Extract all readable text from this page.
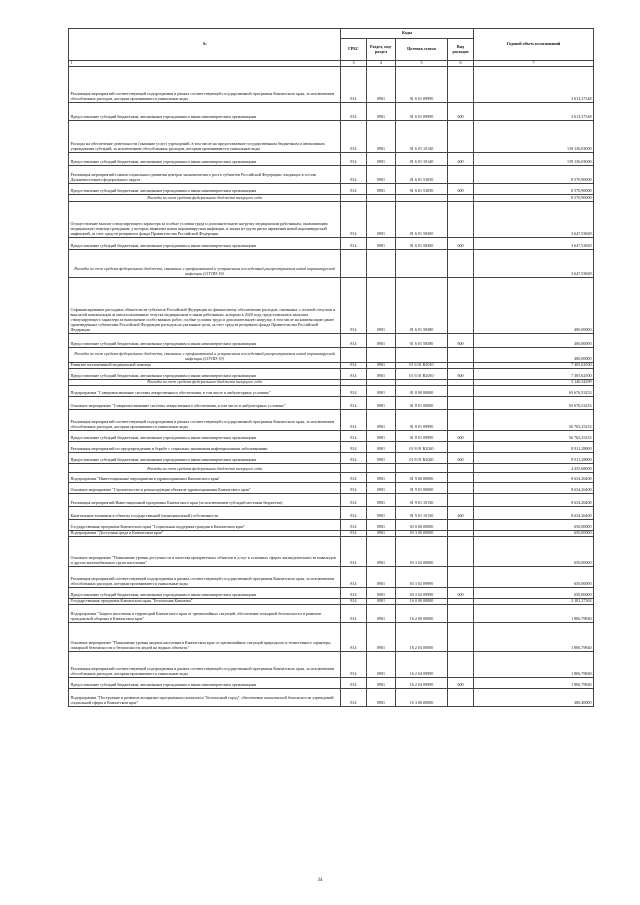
№	Коды				Годовой объем ассигнований
	ГРБС	Раздел, под-раздел	Целевая статья	Вид расходов	
1	3	4	5	6	7
Реализация мероприятий соответствующей подпрограммы в рамках соответствующей государственной программы Камчатского края, за исключением обособленных расходов, которым присваиваются уникальные коды	814	0901	01 6 01 09990		3 613,37348
Предоставление субсидий бюджетным, автономным учреждениям и иным некоммерческим организациям	814	0901	01 6 01 09990	600	3 613,37348
Расходы на обеспечение деятельности (оказание услуг) учреждений, в том числе на предоставление государственным бюджетным и автономным учреждениям субсидий, за исключением обособленных расходов, которым присваиваются уникальные коды	814	0901	01 6 01 10140		139 136,03000
Предоставление субсидий бюджетным, автономным учреждениям и иным некоммерческим организациям	814	0901	01 6 01 10140	600	139 136,03000
Реализация мероприятий планов социального развития центров экономического роста субъектов Российской Федерации, входящих в состав Дальневосточного федерального округа	814	0901	01 6 01 53050		8 570,90000
Предоставление субсидий бюджетным, автономным учреждениям и иным некоммерческим организациям	814	0901	01 6 01 53050	600	8 570,90000
Расходы за счет средств федерального бюджета текущего года					8 570,90000
Осуществление выплат стимулирующего характера за особые условия труда и дополнительную нагрузку медицинским работникам, оказывающим медицинскую помощь гражданам, у которых выявлена новая коронавирусная инфекция, и лицам из групп риска заражения новой коронавирусной инфекцией, за счет средств резервного фонда Правительства Российской Федерации	814	0901	01 6 01 58300		3 647,53849
Предоставление субсидий бюджетным, автономным учреждениям и иным некоммерческим организациям	814	0901	01 6 01 58300	600	3 647,53849
Расходы за счет средств федерального бюджета, связанные с профилактикой и устранением последствий распространения новой коронавирусной инфекции (COVID-19)					3 647,53849
Софинансирование расходных обязательств субъектов Российской Федерации по финансовому обеспечению расходов, связанных с оплатой отпусков и выплатой компенсации за неиспользованные отпуска медицинским и иным работникам, которым в 2020 году предоставлялись выплаты стимулирующего характера за выполнение особо важных работ, особые условия труда и дополнительную нагрузку, в том числе на компенсацию ранее произведенных субъектами Российской Федерации расходов на указанные цели, за счет средств резервного фонда Правительства Российской Федерации	814	0901	01 6 01 58380		400,00000
Предоставление субсидий бюджетным, автономным учреждениям и иным некоммерческим организациям	814	0901	01 6 01 58380	600	400,00000
Расходы за счет средств федерального бюджета, связанные с профилактикой и устранением последствий распространения новой коронавирусной инфекции (COVID-19)					400,00000
Развитие паллиативной медицинской помощи	814	0901	01 6 01 R2010		7 305,62500
Предоставление субсидий бюджетным, автономным учреждениям и иным некоммерческим организациям	814	0901	01 6 01 R2010	600	7 305,62500
Расходы за счет средств федерального бюджета текущего года					3 140,34299
Подпрограмма "Совершенствование системы лекарственного обеспечения, в том числе в амбулаторных условиях"	814	0901	01 8 00 00000		65 676,53253
Основное мероприятие "Совершенствование системы лекарственного обеспечения, в том числе в амбулаторных условиях"	814	0901	01 8 01 00000		65 676,53253
Реализация мероприятий соответствующей подпрограммы в рамках соответствующей государственной программы Камчатского края, за исключением обособленных расходов, которым присваиваются уникальные коды	814	0901	01 8 01 09990		56 765,25253
Предоставление субсидий бюджетным, автономным учреждениям и иным некоммерческим организациям	814	0901	01 8 01 09990	600	56 765,25253
Реализация мероприятий по предупреждению и борьбе с социально значимыми инфекционными заболеваниями	814	0901	01 8 01 R2020		8 911,28000
Предоставление субсидий бюджетным, автономным учреждениям и иным некоммерческим организациям	814	0901	01 8 01 R2020	600	8 911,28000
Расходы за счет средств федерального бюджета текущего года					4 455,68000
Подпрограмма "Инвестиционные мероприятия в здравоохранении Камчатского края"	814	0901	01 9 00 00000		8 634,26400
Основное мероприятие "Строительство и реконструкция объектов здравоохранения Камчатского края"	814	0901	01 9 01 00000		8 634,26400
Реализация мероприятий Инвестиционной программы Камчатского края (за исключением субсидий местным бюджетам)	814	0901	01 9 01 10130		8 634,26400
Капитальные вложения в объекты государственной (муниципальной) собственности	814	0901	01 9 01 10130	400	8 634,26400
Государственная программа Камчатского края "Социальная поддержка граждан в Камчатском крае"	814	0901	03 0 00 00000		650,00000
Подпрограмма "Доступная среда в Камчатском крае"	814	0901	03 3 00 00000		650,00000
Основное мероприятие "Повышение уровня доступности и качества приоритетных объектов и услуг в основных сферах жизнедеятельности инвалидов и других маломобильных групп населения"	814	0901	03 3 02 00000		650,00000
Реализация мероприятий соответствующей подпрограммы в рамках соответствующей государственной программы Камчатского края, за исключением обособленных расходов, которым присваиваются уникальные коды	814	0901	03 3 02 09990		650,00000
Предоставление субсидий бюджетным, автономным учреждениям и иным некоммерческим организациям	814	0901	03 3 02 09990	600	650,00000
Государственная программа Камчатского края "Безопасная Камчатка"	814	0901	16 0 00 00000		2 181,27363
Подпрограмма "Защита населения и территорий Камчатского края от чрезвычайных ситуаций, обеспечение пожарной безопасности и развитие гражданской обороны в Камчатском крае"	814	0901	16 2 00 00000		1 806,79840
Основное мероприятие "Повышение уровня защиты населения в Камчатском крае от чрезвычайных ситуаций природного и техногенного характера, пожарной безопасности и безопасности людей на водных объектах"	814	0901	16 2 04 00000		1 806,79840
Реализация мероприятий соответствующей подпрограммы в рамках соответствующей государственной программы Камчатского края, за исключением обособленных расходов, которым присваиваются уникальные коды	814	0901	16 2 04 09990		1 806,79840
Предоставление субсидий бюджетным, автономным учреждениям и иным некоммерческим организациям	814	0901	16 2 04 09990	600	1 806,79840
Подпрограмма "Построение и развитие аппаратно-программного комплекса "Безопасный город", обеспечение комплексной безопасности учреждений социальной сферы в Камчатском крае"	814	0901	16 3 00 00000		380,40000
34
